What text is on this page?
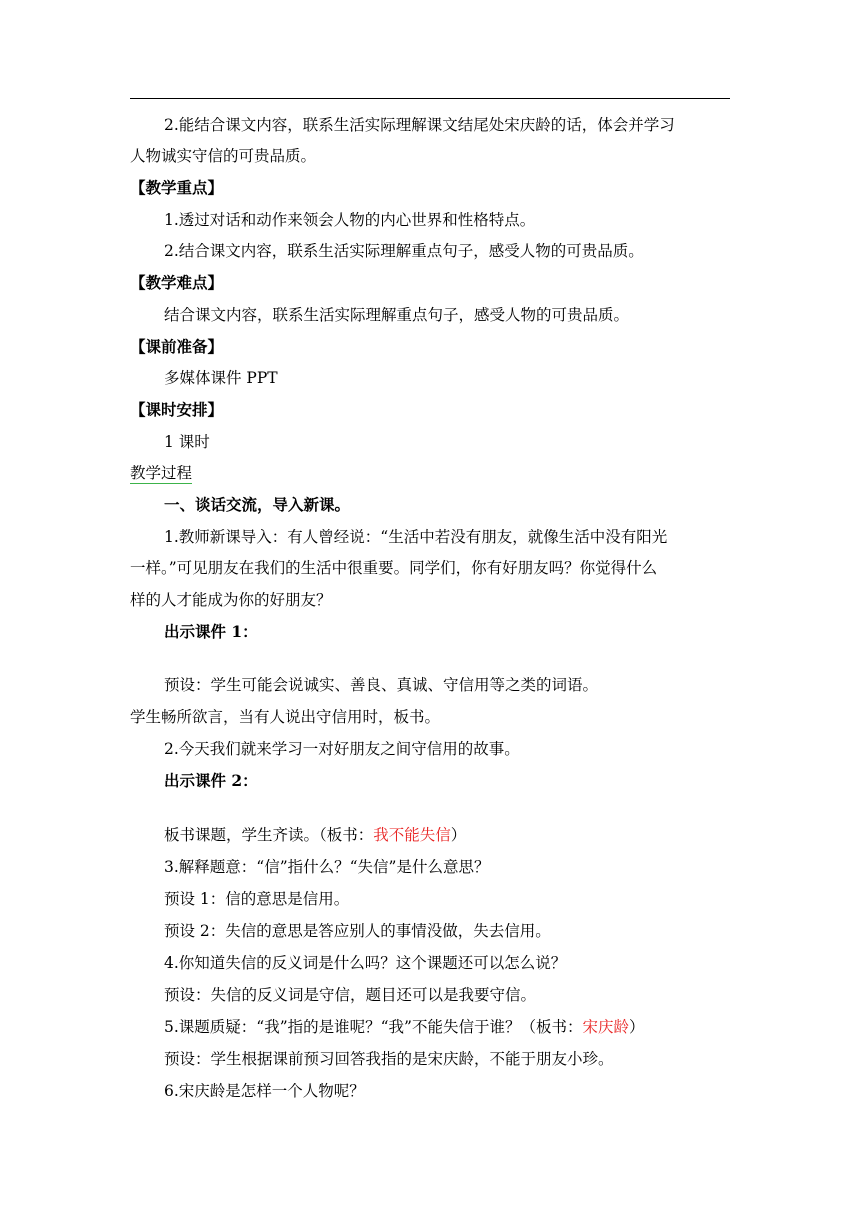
2.能结合课文内容，联系生活实际理解课文结尾处宋庆龄的话，体会并学习
人物诚实守信的可贵品质。
【教学重点】
1.透过对话和动作来领会人物的内心世界和性格特点。
2.结合课文内容，联系生活实际理解重点句子，感受人物的可贵品质。
【教学难点】
结合课文内容，联系生活实际理解重点句子，感受人物的可贵品质。
【课前准备】
多媒体课件 PPT
【课时安排】
1 课时
教学过程
一、谈话交流，导入新课。
1.教师新课导入：有人曾经说：“生活中若没有朋友，就像生活中没有阳光
一样。”可见朋友在我们的生活中很重要。同学们，你有好朋友吗？你觉得什么
样的人才能成为你的好朋友？
出示课件 1：
预设：学生可能会说诚实、善良、真诚、守信用等之类的词语。
学生畅所欲言，当有人说出守信用时，板书。
2.今天我们就来学习一对好朋友之间守信用的故事。
出示课件 2：
板书课题，学生齐读。（板书：我不能失信）
3.解释题意：“信”指什么？“失信”是什么意思？
预设 1：信的意思是信用。
预设 2：失信的意思是答应别人的事情没做，失去信用。
4.你知道失信的反义词是什么吗？这个课题还可以怎么说？
预设：失信的反义词是守信，题目还可以是我要守信。
5.课题质疑：“我”指的是谁呢？“我”不能失信于谁？（板书：宋庆龄）
预设：学生根据课前预习回答我指的是宋庆龄，不能于朋友小珍。
6.宋庆龄是怎样一个人物呢？
